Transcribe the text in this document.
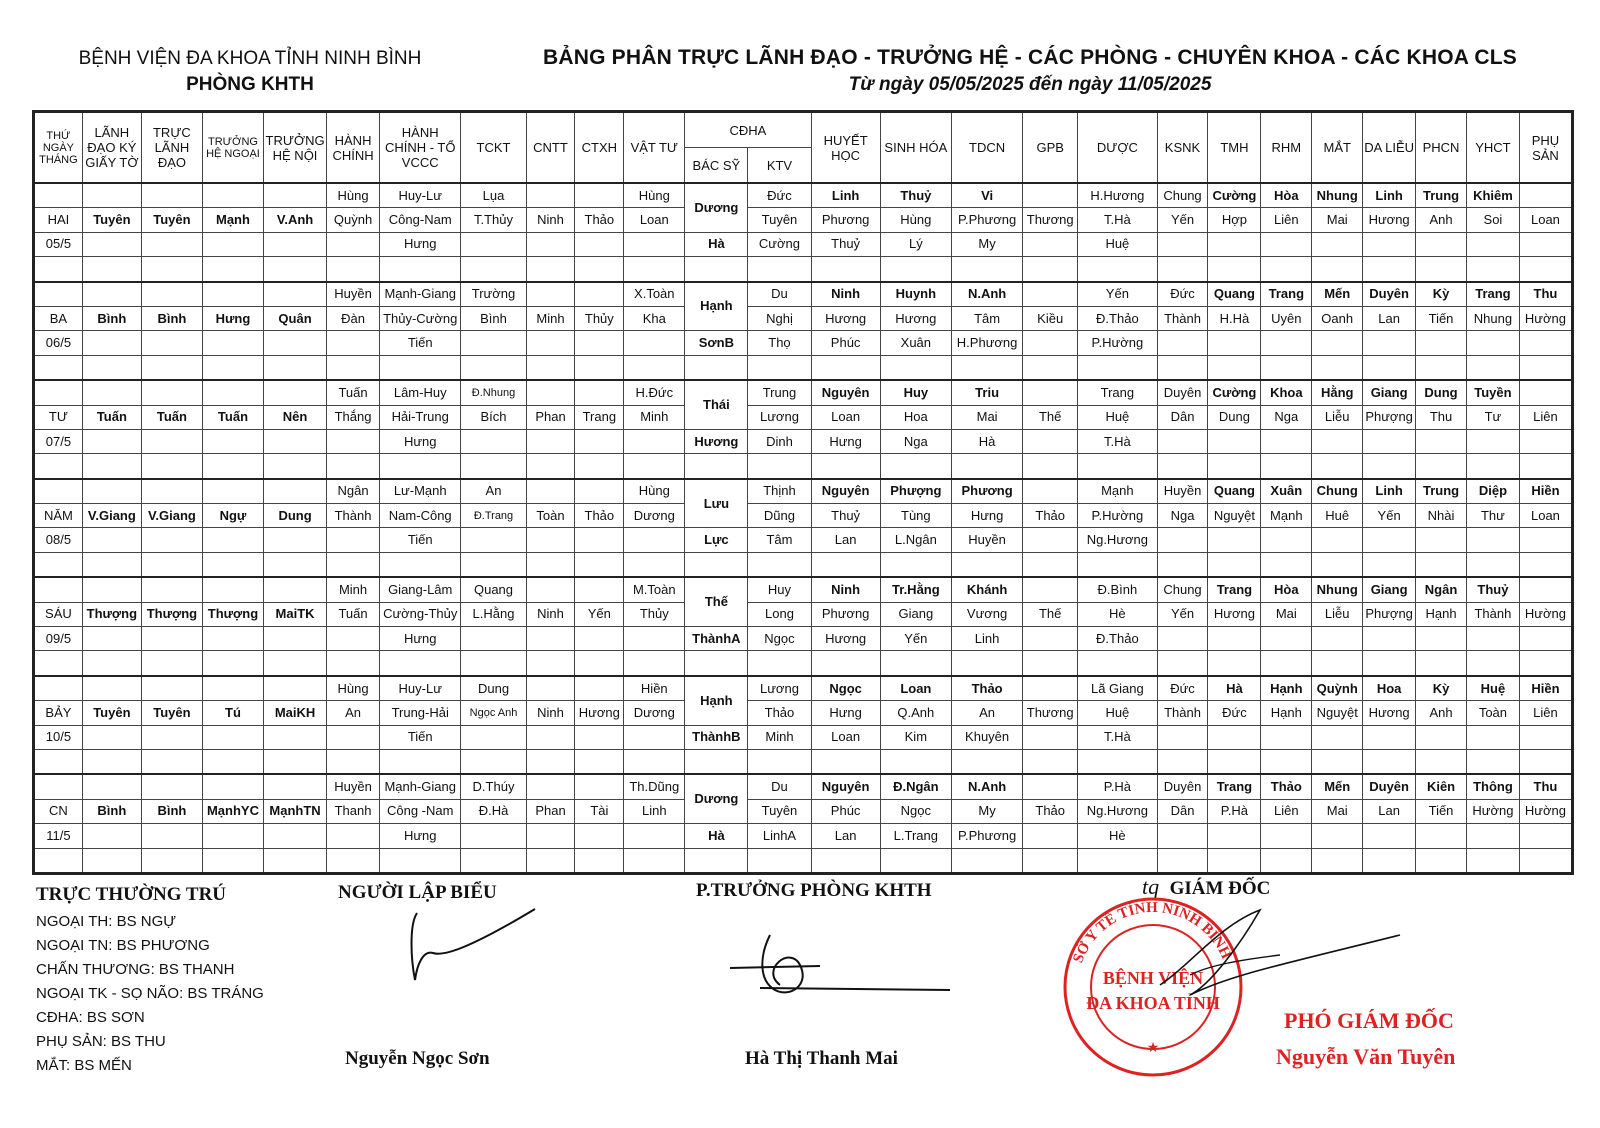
BỆNH VIỆN ĐA KHOA TỈNH NINH BÌNH
PHÒNG KHTH
BẢNG PHÂN TRỰC LÃNH ĐẠO - TRƯỞNG HỆ - CÁC PHÒNG - CHUYÊN KHOA - CÁC KHOA CLS
Từ ngày 05/05/2025 đến ngày 11/05/2025
THỨ NGÀY THÁNG	LÃNH ĐẠO KÝ GIẤY TỜ	TRỰC LÃNH ĐẠO	TRƯỞNG HỆ NGOẠI	TRƯỞNG HỆ NỘI	HÀNH CHÍNH	HÀNH CHÍNH - TỔ VCCC	TCKT	CNTT	CTXH	VẬT TƯ	CĐHA		HUYẾT HỌC	SINH HÓA	TDCN	GPB	DƯỢC	KSNK	TMH	RHM	MẮT	DA LIỄU	PHCN	YHCT	PHỤ SẢN
											BÁC SỸ	KTV													
					Hùng	Huy-Lư	Lụa			Hùng	Dương	Đức	Linh	Thuỷ	Vi		H.Hương	Chung	Cường	Hòa	Nhung	Linh	Trung	Khiêm	
HAI	Tuyên	Tuyên	Mạnh	V.Anh	Quỳnh	Công-Nam	T.Thủy	Ninh	Thảo	Loan		Tuyên	Phương	Hùng	P.Phương	Thương	T.Hà	Yến	Hợp	Liên	Mai	Hương	Anh	Soi	Loan
05/5						Hưng					Hà	Cường	Thuỷ	Lý	My		Huệ								

					Huyền	Mạnh-Giang	Trường			X.Toàn	Hạnh	Du	Ninh	Huynh	N.Anh		Yến	Đức	Quang	Trang	Mến	Duyên	Kỳ	Trang	Thu
BA	Bình	Bình	Hưng	Quân	Đàn	Thủy-Cường	Bình	Minh	Thủy	Kha		Nghị	Hương	Hương	Tâm	Kiều	Đ.Thảo	Thành	H.Hà	Uyên	Oanh	Lan	Tiến	Nhung	Hường
06/5						Tiến					SơnB	Thọ	Phúc	Xuân	H.Phương		P.Hường								

					Tuấn	Lâm-Huy	Đ.Nhung			H.Đức	Thái	Trung	Nguyên	Huy	Triu		Trang	Duyên	Cường	Khoa	Hằng	Giang	Dung	Tuyền	
TƯ	Tuấn	Tuấn	Tuấn	Nên	Thắng	Hải-Trung	Bích	Phan	Trang	Minh		Lương	Loan	Hoa	Mai	Thế	Huệ	Dân	Dung	Nga	Liễu	Phượng	Thu	Tư	Liên
07/5						Hưng					Hương	Dinh	Hưng	Nga	Hà		T.Hà								

					Ngân	Lư-Mạnh	An			Hùng	Lưu	Thịnh	Nguyên	Phượng	Phương		Mạnh	Huyền	Quang	Xuân	Chung	Linh	Trung	Diệp	Hiền
NĂM	V.Giang	V.Giang	Ngự	Dung	Thành	Nam-Công	Đ.Trang	Toàn	Thảo	Dương		Dũng	Thuỷ	Tùng	Hưng	Thảo	P.Hường	Nga	Nguyệt	Mạnh	Huê	Yến	Nhài	Thư	Loan
08/5						Tiến					Lực	Tâm	Lan	L.Ngân	Huyền		Ng.Hương								

					Minh	Giang-Lâm	Quang			M.Toàn	Thế	Huy	Ninh	Tr.Hằng	Khánh		Đ.Bình	Chung	Trang	Hòa	Nhung	Giang	Ngân	Thuỷ	
SÁU	Thượng	Thượng	Thượng	MaiTK	Tuấn	Cường-Thủy	L.Hằng	Ninh	Yến	Thủy		Long	Phương	Giang	Vương	Thế	Hè	Yến	Hương	Mai	Liễu	Phượng	Hạnh	Thành	Hường
09/5						Hưng					ThànhA	Ngọc	Hương	Yến	Linh		Đ.Thảo								

					Hùng	Huy-Lư	Dung			Hiền	Hạnh	Lương	Ngọc	Loan	Thảo		Lã Giang	Đức	Hà	Hạnh	Quỳnh	Hoa	Kỳ	Huệ	Hiền
BẢY	Tuyên	Tuyên	Tú	MaiKH	An	Trung-Hải	Ngọc Anh	Ninh	Hương	Dương		Thảo	Hưng	Q.Anh	An	Thương	Huệ	Thành	Đức	Hạnh	Nguyệt	Hương	Anh	Toàn	Liên
10/5						Tiến					ThànhB	Minh	Loan	Kim	Khuyên		T.Hà								

					Huyền	Mạnh-Giang	D.Thúy			Th.Dũng	Dương	Du	Nguyên	Đ.Ngân	N.Anh		P.Hà	Duyên	Trang	Thảo	Mến	Duyên	Kiên	Thông	Thu
CN	Bình	Bình	MạnhYC	MạnhTN	Thanh	Công -Nam	Đ.Hà	Phan	Tài	Linh		Tuyên	Phúc	Ngọc	My	Thảo	Ng.Hương	Dân	P.Hà	Liên	Mai	Lan	Tiến	Hường	Hường
11/5						Hưng					Hà	LinhA	Lan	L.Trang	P.Phương		Hè								

TRỰC THƯỜNG TRÚ
NGOẠI TH: BS NGỰ
NGOẠI TN: BS PHƯƠNG
CHẤN THƯƠNG: BS THANH
NGOẠI TK - SỌ NÃO: BS TRÁNG
CĐHA: BS SƠN
PHỤ SẢN: BS THU
MẮT: BS MẾN
NGƯỜI LẬP BIỂU
Nguyễn Ngọc Sơn
P.TRƯỞNG PHÒNG KHTH
Hà Thị Thanh Mai
tq GIÁM ĐỐC
SỞ Y TẾ TỈNH NINH BÌNH
BỆNH VIỆN
ĐA KHOA TỈNH
★
PHÓ GIÁM ĐỐC
Nguyễn Văn Tuyên
